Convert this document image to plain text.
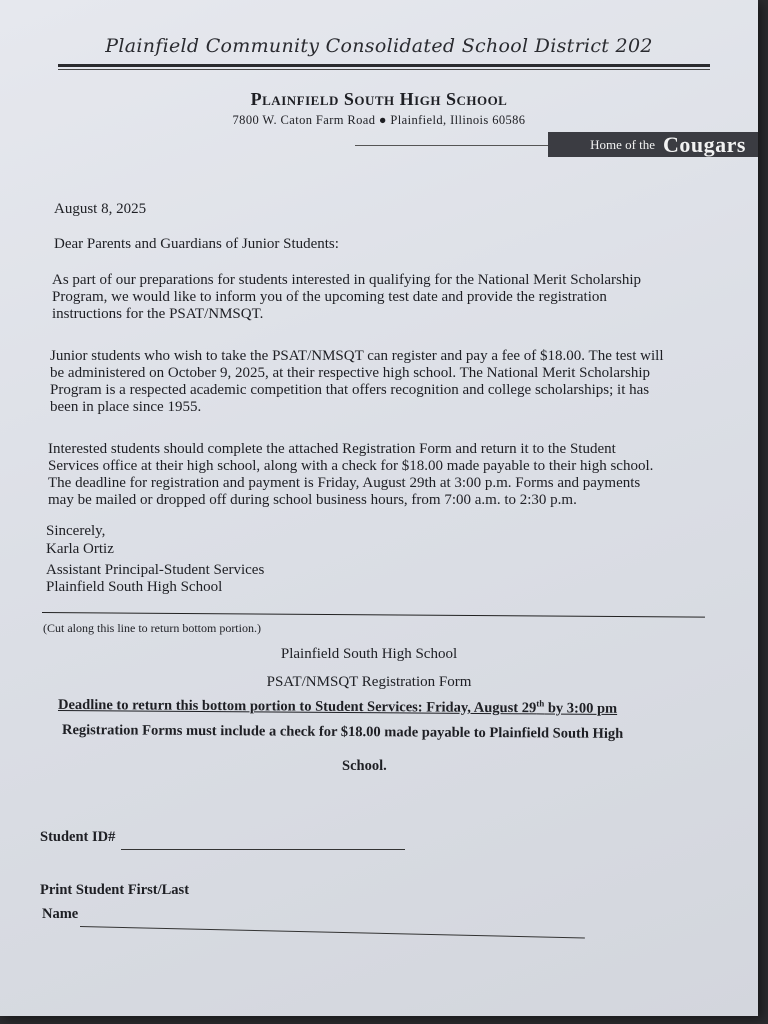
Plainfield Community Consolidated School District 202
Plainfield South High School
7800 W. Caton Farm Road ● Plainfield, Illinois 60586
Home of the Cougars
August 8, 2025
Dear Parents and Guardians of Junior Students:
As part of our preparations for students interested in qualifying for the National Merit Scholarship
Program, we would like to inform you of the upcoming test date and provide the registration
instructions for the PSAT/NMSQT.
Junior students who wish to take the PSAT/NMSQT can register and pay a fee of $18.00. The test will
be administered on October 9, 2025, at their respective high school. The National Merit Scholarship
Program is a respected academic competition that offers recognition and college scholarships; it has
been in place since 1955.
Interested students should complete the attached Registration Form and return it to the Student
Services office at their high school, along with a check for $18.00 made payable to their high school.
The deadline for registration and payment is Friday, August 29th at 3:00 p.m. Forms and payments
may be mailed or dropped off during school business hours, from 7:00 a.m. to 2:30 p.m.
Sincerely,
Karla Ortiz
Assistant Principal-Student Services
Plainfield South High School
(Cut along this line to return bottom portion.)
Plainfield South High School
PSAT/NMSQT Registration Form
Deadline to return this bottom portion to Student Services: Friday, August 29th by 3:00 pm
Registration Forms must include a check for $18.00 made payable to Plainfield South High
School.
Student ID#
Print Student First/Last
Name
